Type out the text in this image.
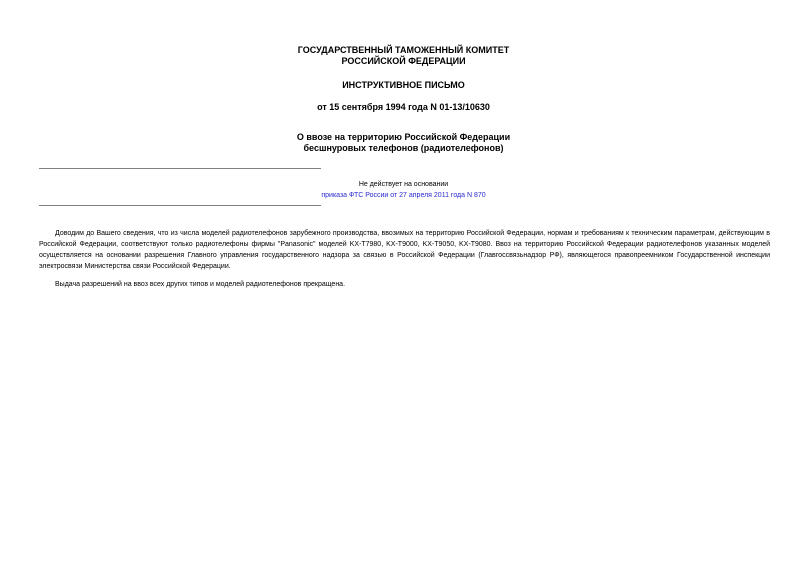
ГОСУДАРСТВЕННЫЙ ТАМОЖЕННЫЙ КОМИТЕТ
РОССИЙСКОЙ ФЕДЕРАЦИИ
ИНСТРУКТИВНОЕ ПИСЬМО
от 15 сентября 1994 года N 01-13/10630
О ввозе на территорию Российской Федерации
бесшнуровых телефонов (радиотелефонов)
Не действует на основании
приказа ФТС России от 27 апреля 2011 года N 870

Доводим до Вашего сведения, что из числа моделей радиотелефонов зарубежного производства, ввозимых на территорию Российской Федерации, нормам и требованиям к техническим параметрам, действующим в Российской Федерации, соответствуют только радиотелефоны фирмы "Panasonic" моделей KX-T7980, KX-T9000, KX-T9050, KX-T9080. Ввоз на территорию Российской Федерации радиотелефонов указанных моделей осуществляется на основании разрешения Главного управления государственного надзора за связью в Российской Федерации (Главгоссвязьнадзор РФ), являющегося правопреемником Государственной инспекции электросвязи Министерства связи Российской Федерации.

Выдача разрешений на ввоз всех других типов и моделей радиотелефонов прекращена.
